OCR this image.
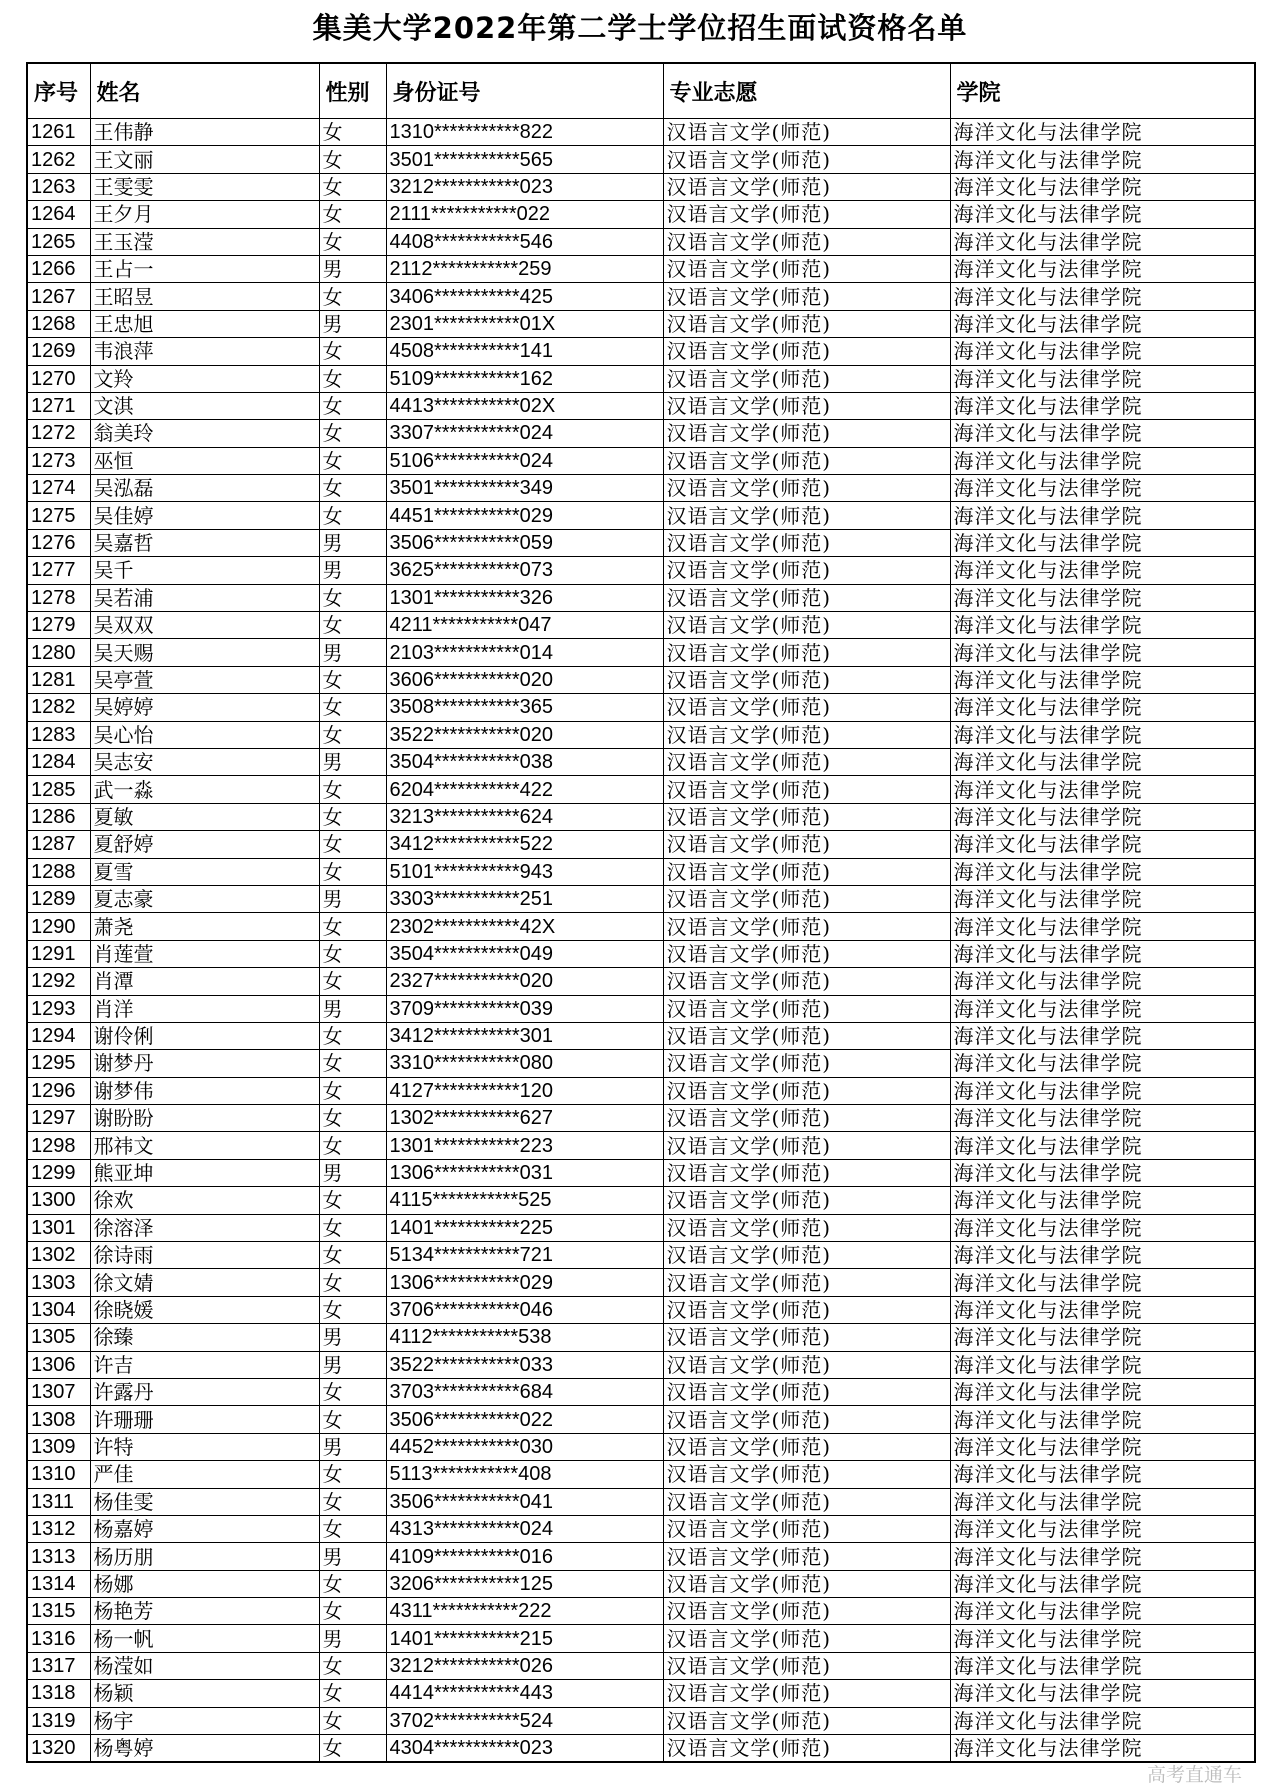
集美大学2022年第二学士学位招生面试资格名单
序号	姓名	性别	身份证号	专业志愿	学院
1261	王伟静	女	1310***********822	汉语言文学(师范)	海洋文化与法律学院
1262	王文丽	女	3501***********565	汉语言文学(师范)	海洋文化与法律学院
1263	王雯雯	女	3212***********023	汉语言文学(师范)	海洋文化与法律学院
1264	王夕月	女	2111***********022	汉语言文学(师范)	海洋文化与法律学院
1265	王玉滢	女	4408***********546	汉语言文学(师范)	海洋文化与法律学院
1266	王占一	男	2112***********259	汉语言文学(师范)	海洋文化与法律学院
1267	王昭昱	女	3406***********425	汉语言文学(师范)	海洋文化与法律学院
1268	王忠旭	男	2301***********01X	汉语言文学(师范)	海洋文化与法律学院
1269	韦浪萍	女	4508***********141	汉语言文学(师范)	海洋文化与法律学院
1270	文羚	女	5109***********162	汉语言文学(师范)	海洋文化与法律学院
1271	文淇	女	4413***********02X	汉语言文学(师范)	海洋文化与法律学院
1272	翁美玲	女	3307***********024	汉语言文学(师范)	海洋文化与法律学院
1273	巫恒	女	5106***********024	汉语言文学(师范)	海洋文化与法律学院
1274	吴泓磊	女	3501***********349	汉语言文学(师范)	海洋文化与法律学院
1275	吴佳婷	女	4451***********029	汉语言文学(师范)	海洋文化与法律学院
1276	吴嘉哲	男	3506***********059	汉语言文学(师范)	海洋文化与法律学院
1277	吴千	男	3625***********073	汉语言文学(师范)	海洋文化与法律学院
1278	吴若浦	女	1301***********326	汉语言文学(师范)	海洋文化与法律学院
1279	吴双双	女	4211***********047	汉语言文学(师范)	海洋文化与法律学院
1280	吴天赐	男	2103***********014	汉语言文学(师范)	海洋文化与法律学院
1281	吴亭萱	女	3606***********020	汉语言文学(师范)	海洋文化与法律学院
1282	吴婷婷	女	3508***********365	汉语言文学(师范)	海洋文化与法律学院
1283	吴心怡	女	3522***********020	汉语言文学(师范)	海洋文化与法律学院
1284	吴志安	男	3504***********038	汉语言文学(师范)	海洋文化与法律学院
1285	武一淼	女	6204***********422	汉语言文学(师范)	海洋文化与法律学院
1286	夏敏	女	3213***********624	汉语言文学(师范)	海洋文化与法律学院
1287	夏舒婷	女	3412***********522	汉语言文学(师范)	海洋文化与法律学院
1288	夏雪	女	5101***********943	汉语言文学(师范)	海洋文化与法律学院
1289	夏志豪	男	3303***********251	汉语言文学(师范)	海洋文化与法律学院
1290	萧尧	女	2302***********42X	汉语言文学(师范)	海洋文化与法律学院
1291	肖莲萱	女	3504***********049	汉语言文学(师范)	海洋文化与法律学院
1292	肖潭	女	2327***********020	汉语言文学(师范)	海洋文化与法律学院
1293	肖洋	男	3709***********039	汉语言文学(师范)	海洋文化与法律学院
1294	谢伶俐	女	3412***********301	汉语言文学(师范)	海洋文化与法律学院
1295	谢梦丹	女	3310***********080	汉语言文学(师范)	海洋文化与法律学院
1296	谢梦伟	女	4127***********120	汉语言文学(师范)	海洋文化与法律学院
1297	谢盼盼	女	1302***********627	汉语言文学(师范)	海洋文化与法律学院
1298	邢祎文	女	1301***********223	汉语言文学(师范)	海洋文化与法律学院
1299	熊亚坤	男	1306***********031	汉语言文学(师范)	海洋文化与法律学院
1300	徐欢	女	4115***********525	汉语言文学(师范)	海洋文化与法律学院
1301	徐溶泽	女	1401***********225	汉语言文学(师范)	海洋文化与法律学院
1302	徐诗雨	女	5134***********721	汉语言文学(师范)	海洋文化与法律学院
1303	徐文婧	女	1306***********029	汉语言文学(师范)	海洋文化与法律学院
1304	徐晓媛	女	3706***********046	汉语言文学(师范)	海洋文化与法律学院
1305	徐臻	男	4112***********538	汉语言文学(师范)	海洋文化与法律学院
1306	许吉	男	3522***********033	汉语言文学(师范)	海洋文化与法律学院
1307	许露丹	女	3703***********684	汉语言文学(师范)	海洋文化与法律学院
1308	许珊珊	女	3506***********022	汉语言文学(师范)	海洋文化与法律学院
1309	许特	男	4452***********030	汉语言文学(师范)	海洋文化与法律学院
1310	严佳	女	5113***********408	汉语言文学(师范)	海洋文化与法律学院
1311	杨佳雯	女	3506***********041	汉语言文学(师范)	海洋文化与法律学院
1312	杨嘉婷	女	4313***********024	汉语言文学(师范)	海洋文化与法律学院
1313	杨历朋	男	4109***********016	汉语言文学(师范)	海洋文化与法律学院
1314	杨娜	女	3206***********125	汉语言文学(师范)	海洋文化与法律学院
1315	杨艳芳	女	4311***********222	汉语言文学(师范)	海洋文化与法律学院
1316	杨一帆	男	1401***********215	汉语言文学(师范)	海洋文化与法律学院
1317	杨滢如	女	3212***********026	汉语言文学(师范)	海洋文化与法律学院
1318	杨颖	女	4414***********443	汉语言文学(师范)	海洋文化与法律学院
1319	杨宇	女	3702***********524	汉语言文学(师范)	海洋文化与法律学院
1320	杨粤婷	女	4304***********023	汉语言文学(师范)	海洋文化与法律学院
高考直通车
